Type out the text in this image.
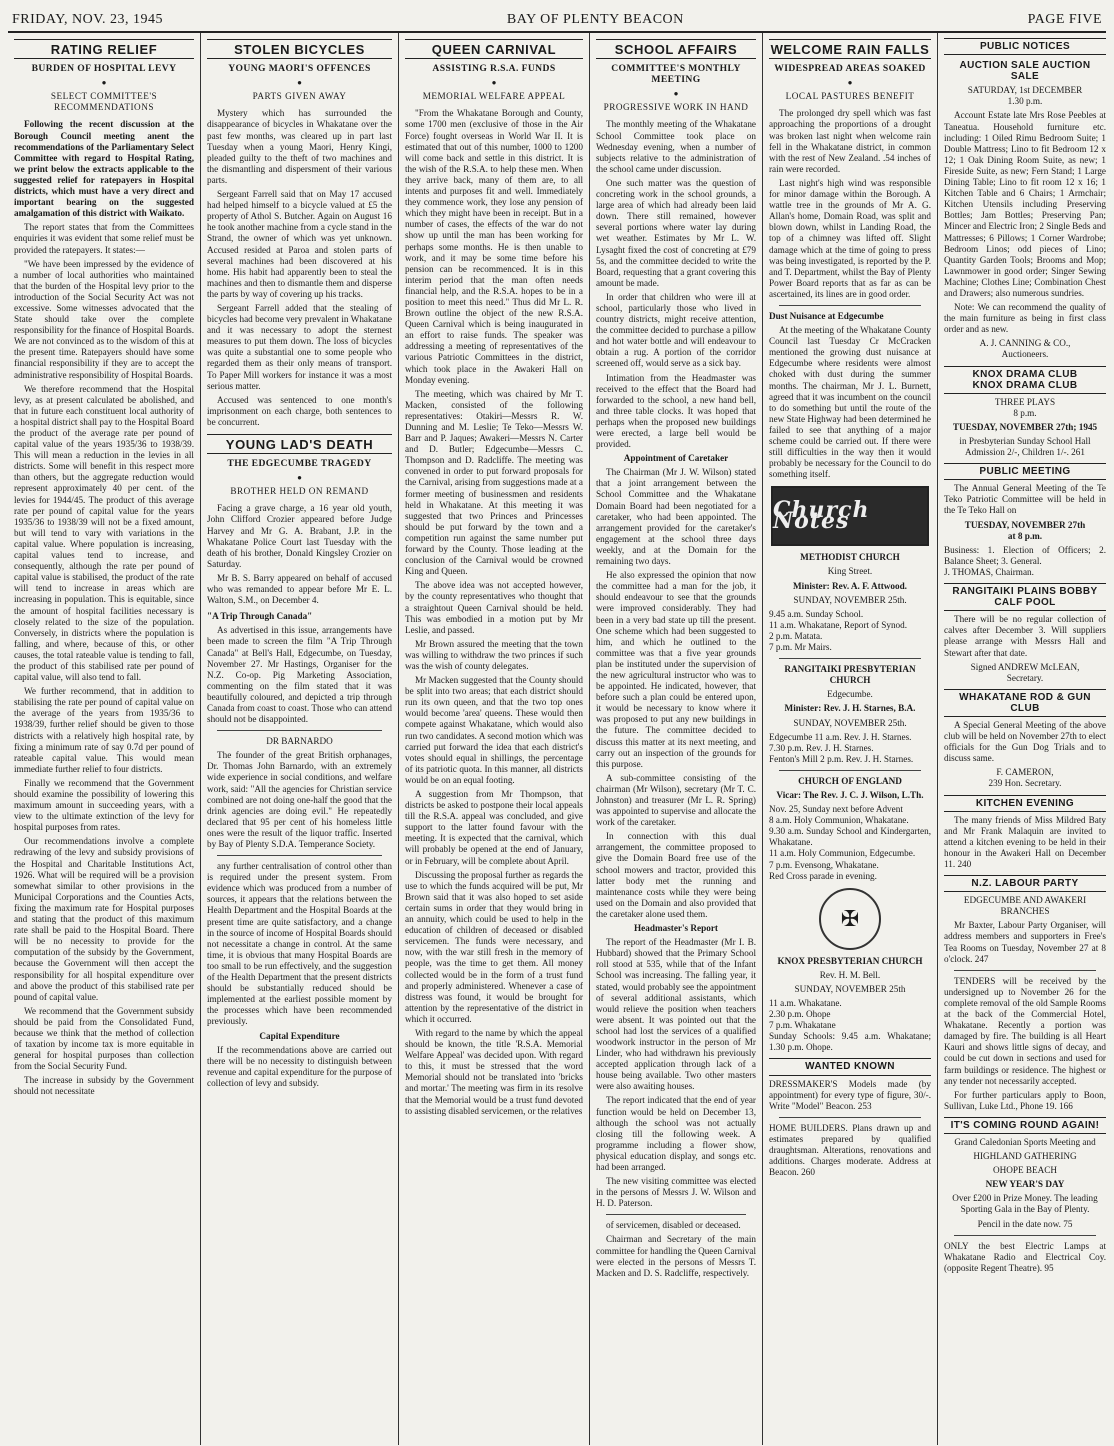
FRIDAY, NOV. 23, 1945	BAY OF PLENTY BEACON	PAGE FIVE
RATING RELIEF
BURDEN OF HOSPITAL LEVY
●
SELECT COMMITTEE'S RECOMMENDATIONS

Following the recent discussion at the Borough Council meeting anent the recommendations of the Parliamentary Select Committee with regard to Hospital Rating, we print below the extracts applicable to the suggested relief for ratepayers in Hospital districts, which must have a very direct and important bearing on the suggested amalgamation of this district with Waikato.

The report states that from the Committees enquiries it was evident that some relief must be provided the ratepayers. It states:—

"We have been impressed by the evidence of a number of local authorities who maintained that the burden of the Hospital levy prior to the introduction of the Social Security Act was not excessive. Some witnesses advocated that the State should take over the complete responsibility for the finance of Hospital Boards. We are not convinced as to the wisdom of this at the present time. Ratepayers should have some financial responsibility if they are to accept the administrative responsibility of Hospital Boards.

We therefore recommend that the Hospital levy, as at present calculated be abolished, and that in future each constituent local authority of a hospital district shall pay to the Hospital Board the product of the average rate per pound of capital value of the years 1935/36 to 1938/39. This will mean a reduction in the levies in all districts. Some will benefit in this respect more than others, but the aggregate reduction would represent approximately 40 per cent. of the levies for 1944/45. The product of this average rate per pound of capital value for the years 1935/36 to 1938/39 will not be a fixed amount, but will tend to vary with variations in the capital value. Where population is increasing, capital values tend to increase, and consequently, although the rate per pound of capital value is stabilised, the product of the rate will tend to increase in areas which are increasing in population. This is equitable, since the amount of hospital facilities necessary is closely related to the size of the population. Conversely, in districts where the population is falling, and where, because of this, or other causes, the total rateable value is tending to fall, the product of this stabilised rate per pound of capital value, will also tend to fall.

We further recommend, that in addition to stabilising the rate per pound of capital value on the average of the years from 1935/36 to 1938/39, further relief should be given to those districts with a relatively high hospital rate, by fixing a minimum rate of say 0.7d per pound of rateable capital value. This would mean immediate further relief to four districts.

Finally we recommend that the Government should examine the possibility of lowering this maximum amount in succeeding years, with a view to the ultimate extinction of the levy for hospital purposes from rates.

Our recommendations involve a complete redrawing of the levy and subsidy provisions of the Hospital and Charitable Institutions Act, 1926. What will be required will be a provision somewhat similar to other provisions in the Municipal Corporations and the Counties Acts, fixing the maximum rate for Hospital purposes and stating that the product of this maximum rate shall be paid to the Hospital Board. There will be no necessity to provide for the computation of the subsidy by the Government, because the Government will then accept the responsibility for all hospital expenditure over and above the product of this stabilised rate per pound of capital value.

We recommend that the Government subsidy should be paid from the Consolidated Fund, because we think that the method of collection of taxation by income tax is more equitable in general for hospital purposes than collection from the Social Security Fund.

The increase in subsidy by the Government should not necessitate

STOLEN BICYCLES
YOUNG MAORI'S OFFENCES
●
PARTS GIVEN AWAY

Mystery which has surrounded the disappearance of bicycles in Whakatane over the past few months, was cleared up in part last Tuesday when a young Maori, Henry Kingi, pleaded guilty to the theft of two machines and the dismantling and dispersment of their various parts.

Sergeant Farrell said that on May 17 accused had helped himself to a bicycle valued at £5 the property of Athol S. Butcher. Again on August 16 he took another machine from a cycle stand in the Strand, the owner of which was yet unknown. Accused resided at Paroa and stolen parts of several machines had been discovered at his home. His habit had apparently been to steal the machines and then to dismantle them and disperse the parts by way of covering up his tracks.

Sergeant Farrell added that the stealing of bicycles had become very prevalent in Whakatane and it was necessary to adopt the sternest measures to put them down. The loss of bicycles was quite a substantial one to some people who regarded them as their only means of transport. To Paper Mill workers for instance it was a most serious matter.

Accused was sentenced to one month's imprisonment on each charge, both sentences to be concurrent.

YOUNG LAD'S DEATH
THE EDGECUMBE TRAGEDY
●
BROTHER HELD ON REMAND

Facing a grave charge, a 16 year old youth, John Clifford Crozier appeared before Judge Harvey and Mr G. A. Brabant, J.P. in the Whakatane Police Court last Tuesday with the death of his brother, Donald Kingsley Crozier on Saturday.

Mr B. S. Barry appeared on behalf of accused who was remanded to appear before Mr E. L. Walton, S.M., on December 4.

"A Trip Through Canada"

As advertised in this issue, arrangements have been made to screen the film "A Trip Through Canada" at Bell's Hall, Edgecumbe, on Tuesday, November 27. Mr Hastings, Organiser for the N.Z. Co-op. Pig Marketing Association, commenting on the film stated that it was beautifully coloured, and depicted a trip through Canada from coast to coast. Those who can attend should not be disappointed.

DR BARNARDO

The founder of the great British orphanages, Dr. Thomas John Barnardo, with an extremely wide experience in social conditions, and welfare work, said: "All the agencies for Christian service combined are not doing one-half the good that the drink agencies are doing evil." He repeatedly declared that 95 per cent of his homeless little ones were the result of the liquor traffic. Inserted by Bay of Plenty S.D.A. Temperance Society.

any further centralisation of control other than is required under the present system. From evidence which was produced from a number of sources, it appears that the relations between the Health Department and the Hospital Boards at the present time are quite satisfactory, and a change in the source of income of Hospital Boards should not necessitate a change in control. At the same time, it is obvious that many Hospital Boards are too small to be run effectively, and the suggestion of the Health Department that the present districts should be substantially reduced should be implemented at the earliest possible moment by the processes which have been recommended previously.

Capital Expenditure

If the recommendations above are carried out there will be no necessity to distinguish between revenue and capital expenditure for the purpose of collection of levy and subsidy.

QUEEN CARNIVAL
ASSISTING R.S.A. FUNDS
●
MEMORIAL WELFARE APPEAL

"From the Whakatane Borough and County, some 1700 men (exclusive of those in the Air Force) fought overseas in World War II. It is estimated that out of this number, 1000 to 1200 will come back and settle in this district. It is the wish of the R.S.A. to help these men. When they arrive back, many of them are, to all intents and purposes fit and well. Immediately they commence work, they lose any pension of which they might have been in receipt. But in a number of cases, the effects of the war do not show up until the man has been working for perhaps some months. He is then unable to work, and it may be some time before his pension can be recommenced. It is in this interim period that the man often needs financial help, and the R.S.A. hopes to be in a position to meet this need." Thus did Mr L. R. Brown outline the object of the new R.S.A. Queen Carnival which is being inaugurated in an effort to raise funds. The speaker was addressing a meeting of representatives of the various Patriotic Committees in the district, which took place in the Awakeri Hall on Monday evening.

The meeting, which was chaired by Mr T. Macken, consisted of the following representatives: Otakiri—Messrs R. W. Dunning and M. Leslie; Te Teko—Messrs W. Barr and P. Jaques; Awakeri—Messrs N. Carter and D. Butler; Edgecumbe—Messrs C. Thompson and D. Radcliffe. The meeting was convened in order to put forward proposals for the Carnival, arising from suggestions made at a former meeting of businessmen and residents held in Whakatane. At this meeting it was suggested that two Princes and Princesses should be put forward by the town and a competition run against the same number put forward by the County. Those leading at the conclusion of the Carnival would be crowned King and Queen.

The above idea was not accepted however, by the county representatives who thought that a straightout Queen Carnival should be held. This was embodied in a motion put by Mr Leslie, and passed.

Mr Brown assured the meeting that the town was willing to withdraw the two princes if such was the wish of county delegates.

Mr Macken suggested that the County should be split into two areas; that each district should run its own queen, and that the two top ones would become 'area' queens. These would then compete against Whakatane, which would also run two candidates. A second motion which was carried put forward the idea that each district's votes should equal in shillings, the percentage of its patriotic quota. In this manner, all districts would be on an equal footing.

A suggestion from Mr Thompson, that districts be asked to postpone their local appeals till the R.S.A. appeal was concluded, and give support to the latter found favour with the meeting. It is expected that the carnival, which will probably be opened at the end of January, or in February, will be complete about April.

Discussing the proposal further as regards the use to which the funds acquired will be put, Mr Brown said that it was also hoped to set aside certain sums in order that they would bring in an annuity, which could be used to help in the education of children of deceased or disabled servicemen. The funds were necessary, and now, with the war still fresh in the memory of people, was the time to get them. All money collected would be in the form of a trust fund and properly administered. Whenever a case of distress was found, it would be brought for attention by the representative of the district in which it occurred.

With regard to the name by which the appeal should be known, the title 'R.S.A. Memorial Welfare Appeal' was decided upon. With regard to this, it must be stressed that the word Memorial should not be translated into 'bricks and mortar.' The meeting was firm in its resolve that the Memorial would be a trust fund devoted to assisting disabled servicemen, or the relatives

SCHOOL AFFAIRS
COMMITTEE'S MONTHLY MEETING
●
PROGRESSIVE WORK IN HAND

The monthly meeting of the Whakatane School Committee took place on Wednesday evening, when a number of subjects relative to the administration of the school came under discussion.

One such matter was the question of concreting work in the school grounds, a large area of which had already been laid down. There still remained, however several portions where water lay during wet weather. Estimates by Mr L. W. Lysaght fixed the cost of concreting at £79 5s, and the committee decided to write the Board, requesting that a grant covering this amount be made.

In order that children who were ill at school, particularly those who lived in country districts, might receive attention, the committee decided to purchase a pillow and hot water bottle and will endeavour to obtain a rug. A portion of the corridor screened off, would serve as a sick bay.

Intimation from the Headmaster was received to the effect that the Board had forwarded to the school, a new hand bell, and three table clocks. It was hoped that perhaps when the proposed new buildings were erected, a large bell would be provided.

Appointment of Caretaker

The Chairman (Mr J. W. Wilson) stated that a joint arrangement between the School Committee and the Whakatane Domain Board had been negotiated for a caretaker, who had been appointed. The arrangement provided for the caretaker's engagement at the school three days weekly, and at the Domain for the remaining two days.

He also expressed the opinion that now the committee had a man for the job, it should endeavour to see that the grounds were improved considerably. They had been in a very bad state up till the present. One scheme which had been suggested to him, and which he outlined to the committee was that a five year grounds plan be instituted under the supervision of the new agricultural instructor who was to be appointed. He indicated, however, that before such a plan could be entered upon, it would be necessary to know where it was proposed to put any new buildings in the future. The committee decided to discuss this matter at its next meeting, and carry out an inspection of the grounds for this purpose.

A sub-committee consisting of the chairman (Mr Wilson), secretary (Mr T. C. Johnston) and treasurer (Mr L. R. Spring) was appointed to supervise and allocate the work of the caretaker.

In connection with this dual arrangement, the committee proposed to give the Domain Board free use of the school mowers and tractor, provided this latter body met the running and maintenance costs while they were being used on the Domain and also provided that the caretaker alone used them.

Headmaster's Report

The report of the Headmaster (Mr I. B. Hubbard) showed that the Primary School roll stood at 535, while that of the Infant School was increasing. The falling year, it stated, would probably see the appointment of several additional assistants, which would relieve the position when teachers were absent. It was pointed out that the school had lost the services of a qualified woodwork instructor in the person of Mr Linder, who had withdrawn his previously accepted application through lack of a house being available. Two other masters were also awaiting houses.

The report indicated that the end of year function would be held on December 13, although the school was not actually closing till the following week. A programme including a flower show, physical education display, and songs etc. had been arranged.

The new visiting committee was elected in the persons of Messrs J. W. Wilson and H. D. Paterson.

of servicemen, disabled or deceased.

Chairman and Secretary of the main committee for handling the Queen Carnival were elected in the persons of Messrs T. Macken and D. S. Radcliffe, respectively.

WELCOME RAIN FALLS
WIDESPREAD AREAS SOAKED
●
LOCAL PASTURES BENEFIT

The prolonged dry spell which was fast approaching the proportions of a drought was broken last night when welcome rain fell in the Whakatane district, in common with the rest of New Zealand. .54 inches of rain were recorded.

Last night's high wind was responsible for minor damage within the Borough. A wattle tree in the grounds of Mr A. G. Allan's home, Domain Road, was split and blown down, whilst in Landing Road, the top of a chimney was lifted off. Slight damage which at the time of going to press was being investigated, is reported by the P. and T. Department, whilst the Bay of Plenty Power Board reports that as far as can be ascertained, its lines are in good order.

Dust Nuisance at Edgecumbe

At the meeting of the Whakatane County Council last Tuesday Cr McCracken mentioned the growing dust nuisance at Edgecumbe where residents were almost choked with dust during the summer months. The chairman, Mr J. L. Burnett, agreed that it was incumbent on the council to do something but until the route of the new State Highway had been determined he failed to see that anything of a major scheme could be carried out. If there were still difficulties in the way then it would probably be necessary for the Council to do something itself.

Church Notes

METHODIST CHURCH

King Street.

Minister: Rev. A. F. Attwood.

SUNDAY, NOVEMBER 25th.

9.45 a.m. Sunday School.
11 a.m. Whakatane, Report of Synod.
2 p.m. Matata.
7 p.m. Mr Mairs.

RANGITAIKI PRESBYTERIAN CHURCH

Edgecumbe.

Minister: Rev. J. H. Starnes, B.A.

SUNDAY, NOVEMBER 25th.

Edgecumbe 11 a.m. Rev. J. H. Starnes.
7.30 p.m. Rev. J. H. Starnes.
Fenton's Mill 2 p.m. Rev. J. H. Starnes.

CHURCH OF ENGLAND

Vicar: The Rev. J. C. J. Wilson, L.Th.

Nov. 25, Sunday next before Advent
8 a.m. Holy Communion, Whakatane.
9.30 a.m. Sunday School and Kindergarten, Whakatane.
11 a.m. Holy Communion, Edgecumbe.
7 p.m. Evensong, Whakatane.
Red Cross parade in evening.

✠

KNOX PRESBYTERIAN CHURCH

Rev. H. M. Bell.

SUNDAY, NOVEMBER 25th

11 a.m. Whakatane.
2.30 p.m. Ohope
7 p.m. Whakatane
Sunday Schools: 9.45 a.m. Whakatane; 1.30 p.m. Ohope.

WANTED KNOWN

DRESSMAKER'S Models made (by appointment) for every type of figure, 30/-. Write "Model" Beacon. 253

HOME BUILDERS. Plans drawn up and estimates prepared by qualified draughtsman. Alterations, renovations and additions. Charges moderate. Address at Beacon. 260

PUBLIC NOTICES
AUCTION SALE AUCTION SALE

SATURDAY, 1st DECEMBER
1.30 p.m.

Account Estate late Mrs Rose Peebles at Taneatua. Household furniture etc. including: 1 Oiled Rimu Bedroom Suite; 1 Double Mattress; Lino to fit Bedroom 12 x 12; 1 Oak Dining Room Suite, as new; 1 Fireside Suite, as new; Fern Stand; 1 Large Dining Table; Lino to fit room 12 x 16; 1 Kitchen Table and 6 Chairs; 1 Armchair; Kitchen Utensils including Preserving Bottles; Jam Bottles; Preserving Pan; Mincer and Electric Iron; 2 Single Beds and Mattresses; 6 Pillows; 1 Corner Wardrobe; Bedroom Linos; odd pieces of Lino; Quantity Garden Tools; Brooms and Mop; Lawnmower in good order; Singer Sewing Machine; Clothes Line; Combination Chest and Drawers; also numerous sundries.

Note: We can recommend the quality of the main furniture as being in first class order and as new.

A. J. CANNING & CO.,
Auctioneers.

KNOX DRAMA CLUB
KNOX DRAMA CLUB

THREE PLAYS
8 p.m.

TUESDAY, NOVEMBER 27th; 1945

in Presbyterian Sunday School Hall
Admission 2/-, Children 1/-. 261

PUBLIC MEETING

The Annual General Meeting of the Te Teko Patriotic Committee will be held in the Te Teko Hall on

TUESDAY, NOVEMBER 27th
at 8 p.m.

Business: 1. Election of Officers; 2. Balance Sheet; 3. General.
J. THOMAS, Chairman.

RANGITAIKI PLAINS BOBBY CALF POOL

There will be no regular collection of calves after December 3. Will suppliers please arrange with Messrs Hall and Stewart after that date.

Signed ANDREW McLEAN,
Secretary.

WHAKATANE ROD & GUN CLUB

A Special General Meeting of the above club will be held on November 27th to elect officials for the Gun Dog Trials and to discuss same.

F. CAMERON,
239 Hon. Secretary.

KITCHEN EVENING

The many friends of Miss Mildred Baty and Mr Frank Malaquin are invited to attend a kitchen evening to be held in their honour in the Awakeri Hall on December 11. 240

N.Z. LABOUR PARTY

EDGECUMBE AND AWAKERI BRANCHES

Mr Baxter, Labour Party Organiser, will address members and supporters in Free's Tea Rooms on Tuesday, November 27 at 8 o'clock. 247

TENDERS will be received by the undersigned up to November 26 for the complete removal of the old Sample Rooms at the back of the Commercial Hotel, Whakatane. Recently a portion was damaged by fire. The building is all Heart Kauri and shows little signs of decay, and could be cut down in sections and used for farm buildings or residence. The highest or any tender not necessarily accepted.

For further particulars apply to Boon, Sullivan, Luke Ltd., Phone 19. 166

IT'S COMING ROUND AGAIN!

Grand Caledonian Sports Meeting and

HIGHLAND GATHERING

OHOPE BEACH

NEW YEAR'S DAY

Over £200 in Prize Money. The leading Sporting Gala in the Bay of Plenty.

Pencil in the date now. 75

ONLY the best Electric Lamps at Whakatane Radio and Electrical Coy. (opposite Regent Theatre). 95
